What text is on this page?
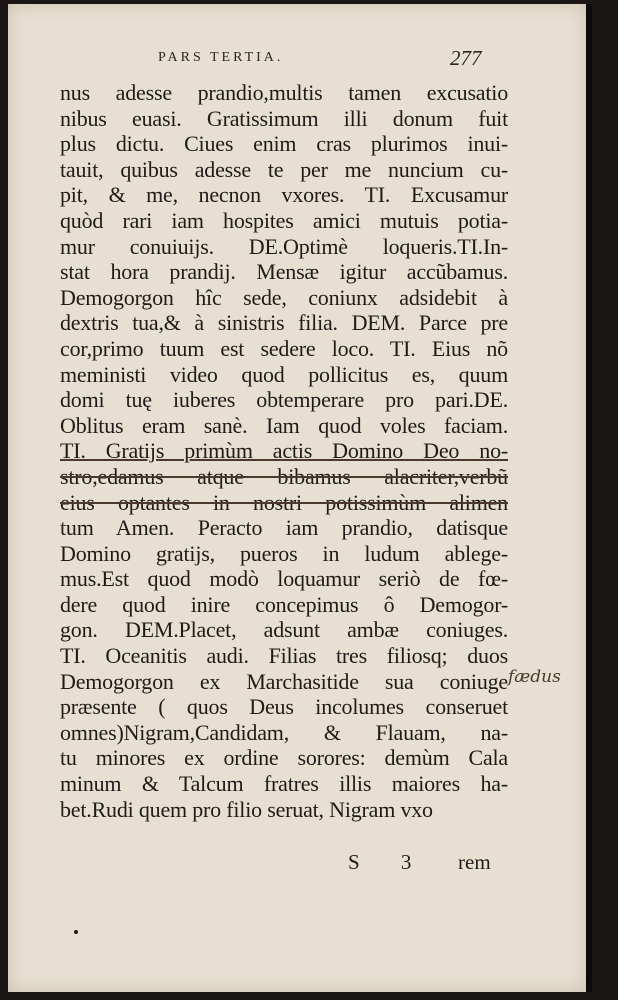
PARS TERTIA.	277
nus adesse prandio,multis tamen excusatio
nibus euasi. Gratissimum illi donum fuit
plus dictu. Ciues enim cras plurimos inui-
tauit, quibus adesse te per me nuncium cu-
pit, & me, necnon vxores. TI. Excusamur
quòd rari iam hospites amici mutuis potia-
mur conuiuijs. DE.Optimè loqueris.TI.In-
stat hora prandij. Mensæ igitur accũbamus.
Demogorgon hîc sede, coniunx adsidebit à
dextris tua,& à sinistris filia. DEM. Parce pre
cor,primo tuum est sedere loco. TI. Eius nõ
meministi video quod pollicitus es, quum
domi tuę iuberes obtemperare pro pari.DE.
Oblitus eram sanè. Iam quod voles faciam.
TI. Gratijs primùm actis Domino Deo no-
stro,edamus atque bibamus alacriter,verbũ
eius optantes in nostri potissimùm alimen
tum Amen. Peracto iam prandio, datisque
Domino gratijs, pueros in ludum ablege-
mus.Est quod modò loquamur seriò de fœ-
dere quod inire concepimus ô Demogor-
gon. DEM.Placet, adsunt ambæ coniuges.
TI. Oceanitis audi. Filias tres filiosq; duos
Demogorgon ex Marchasitide sua coniuge
præsente ( quos Deus incolumes conseruet
omnes)Nigram,Candidam, & Flauam, na-
tu minores ex ordine sorores: demùm Cala
minum & Talcum fratres illis maiores ha-
bet.Rudi quem pro filio seruat, Nigram vxo
fædus
S 3 rem
